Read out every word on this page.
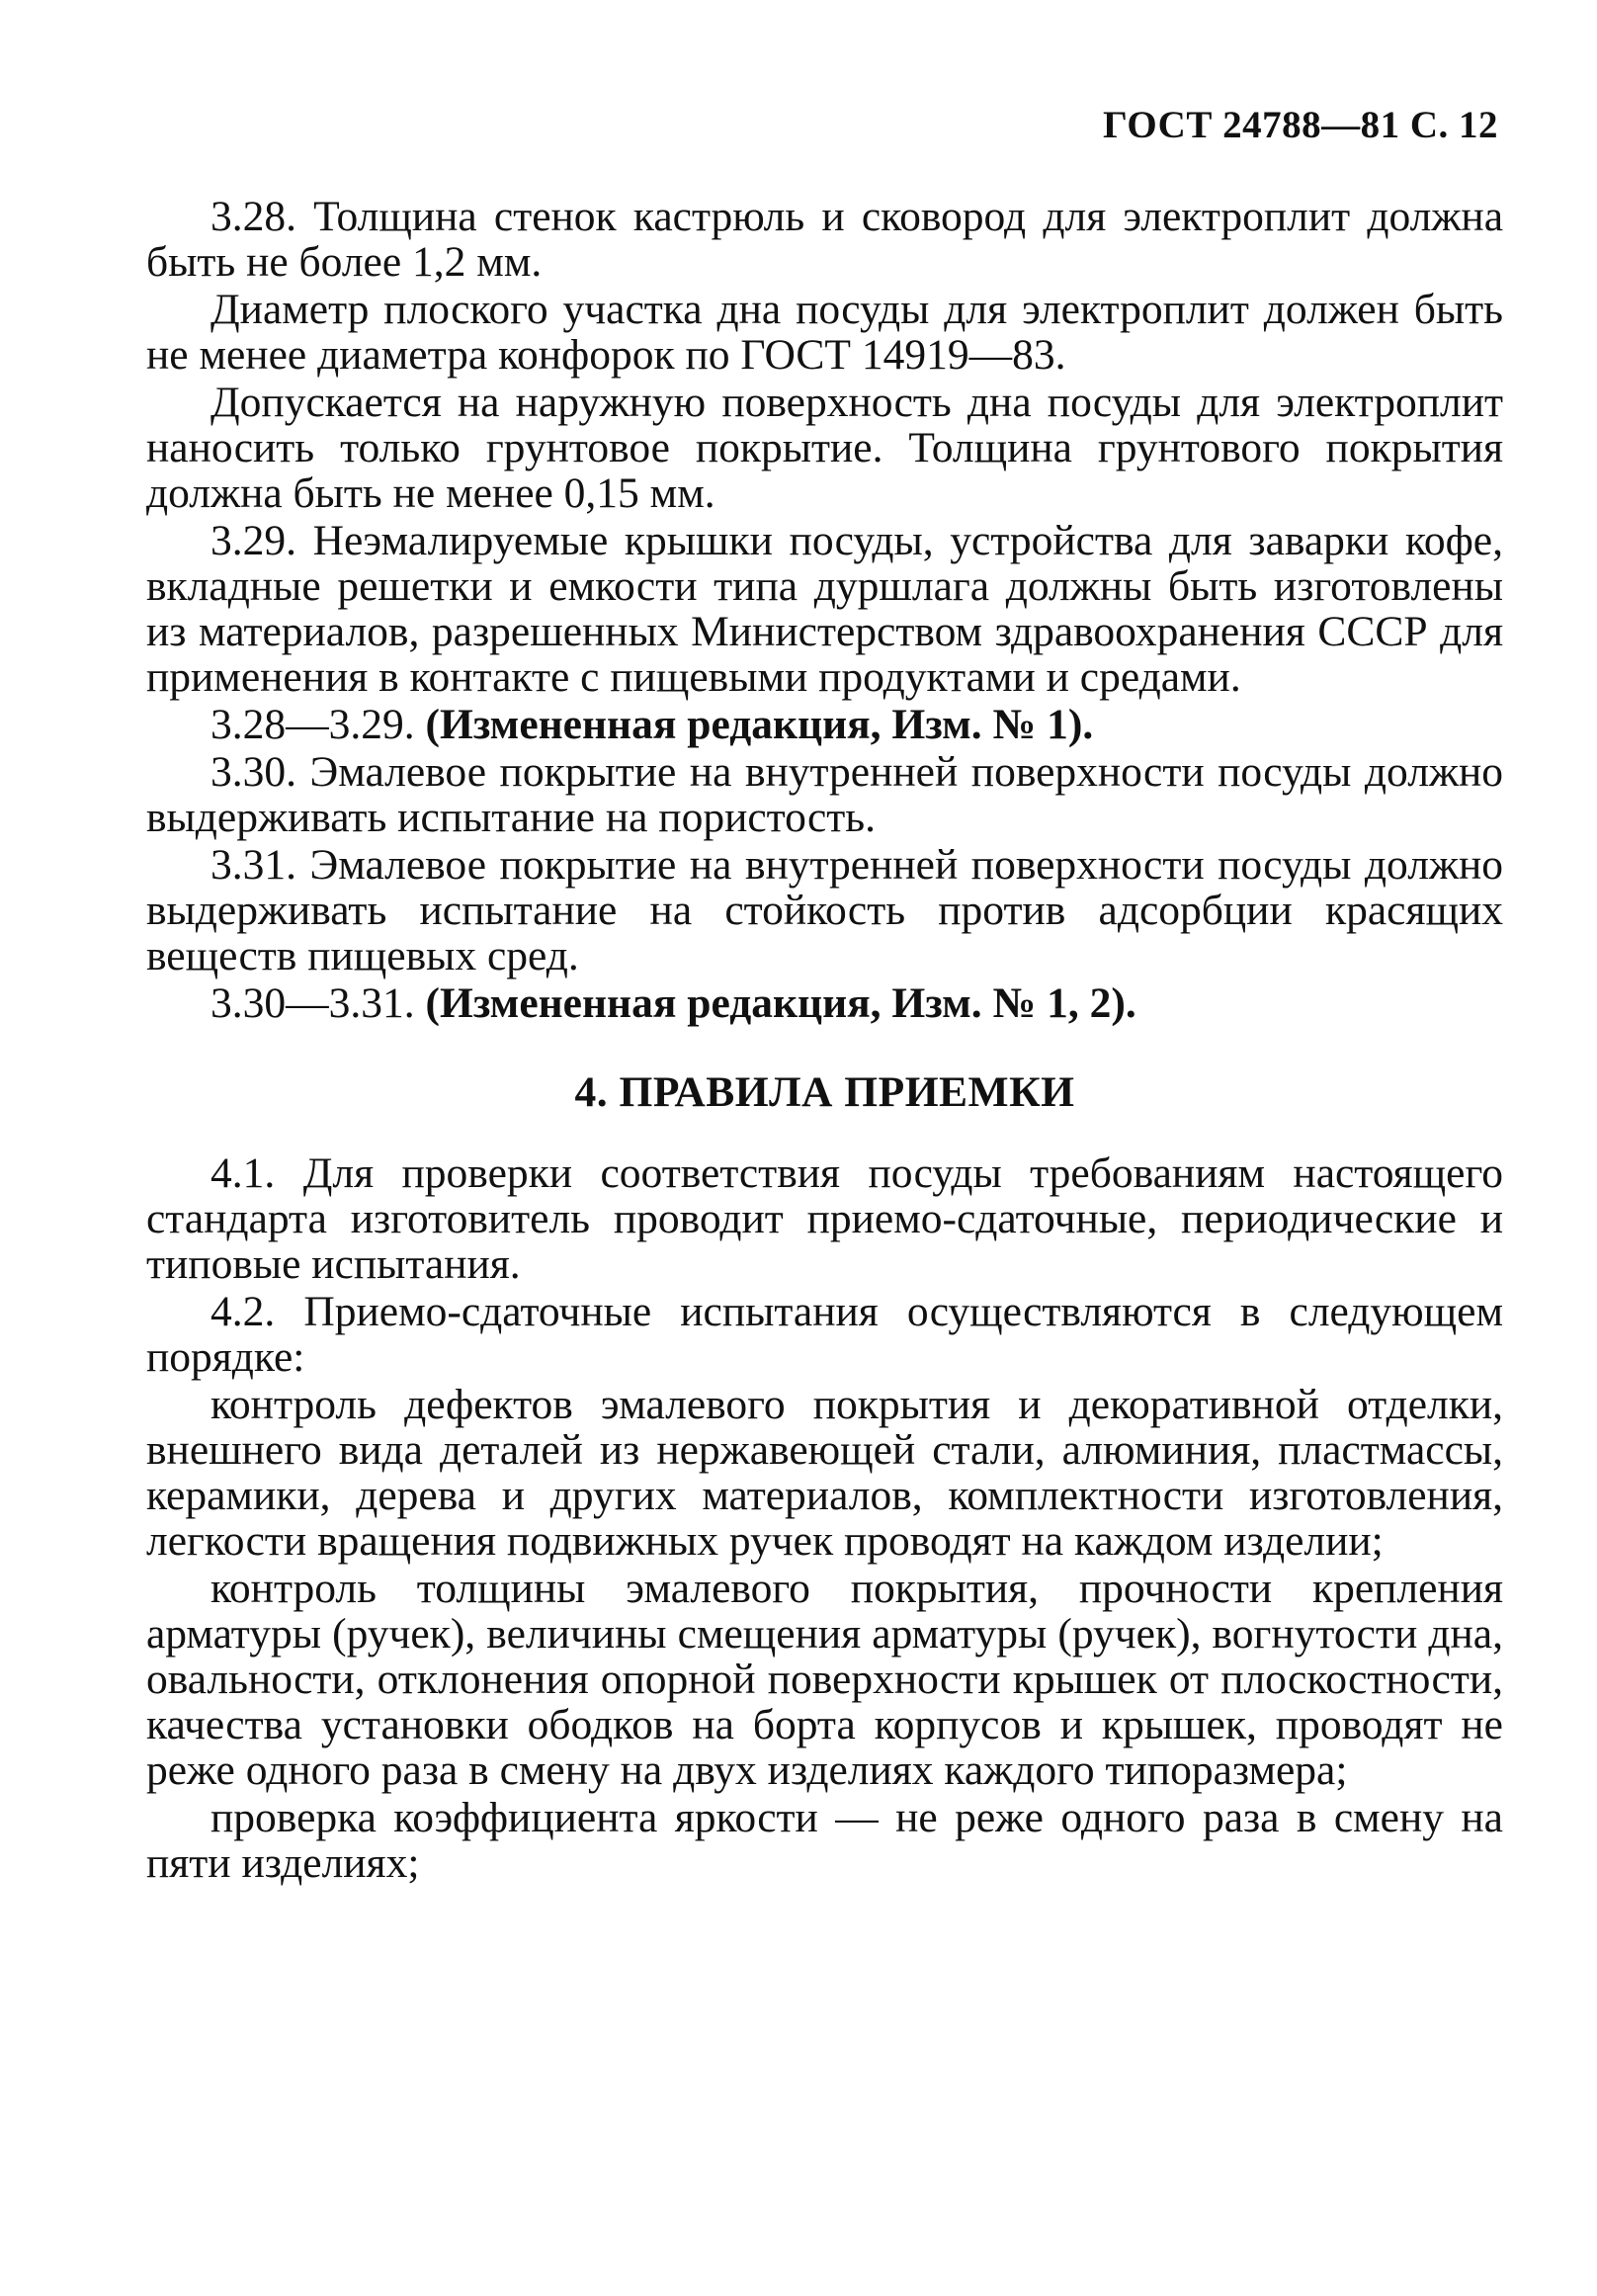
ГОСТ 24788—81 С. 12

3.28. Толщина стенок кастрюль и сковород для электроплит должна быть не более 1,2 мм.

Диаметр плоского участка дна посуды для электроплит должен быть не менее диаметра конфорок по ГОСТ 14919—83.

Допускается на наружную поверхность дна посуды для электроплит наносить только грунтовое покрытие. Толщина грунтового покрытия должна быть не менее 0,15 мм.

3.29. Неэмалируемые крышки посуды, устройства для заварки кофе, вкладные решетки и емкости типа дуршлага должны быть изготовлены из материалов, разрешенных Министерством здравоохранения СССР для применения в контакте с пищевыми продуктами и средами.

3.28—3.29. (Измененная редакция, Изм. № 1).

3.30. Эмалевое покрытие на внутренней поверхности посуды должно выдерживать испытание на пористость.

3.31. Эмалевое покрытие на внутренней поверхности посуды должно выдерживать испытание на стойкость против адсорбции красящих веществ пищевых сред.

3.30—3.31. (Измененная редакция, Изм. № 1, 2).

4. ПРАВИЛА ПРИЕМКИ

4.1. Для проверки соответствия посуды требованиям настоящего стандарта изготовитель проводит приемо-сдаточные, периодические и типовые испытания.

4.2. Приемо-сдаточные испытания осуществляются в следующем порядке:

контроль дефектов эмалевого покрытия и декоративной отделки, внешнего вида деталей из нержавеющей стали, алюминия, пластмассы, керамики, дерева и других материалов, комплектности изготовления, легкости вращения подвижных ручек проводят на каждом изделии;

контроль толщины эмалевого покрытия, прочности крепления арматуры (ручек), величины смещения арматуры (ручек), вогнутости дна, овальности, отклонения опорной поверхности крышек от плоскостности, качества установки ободков на борта корпусов и крышек, проводят не реже одного раза в смену на двух изделиях каждого типоразмера;

проверка коэффициента яркости — не реже одного раза в смену на пяти изделиях;
